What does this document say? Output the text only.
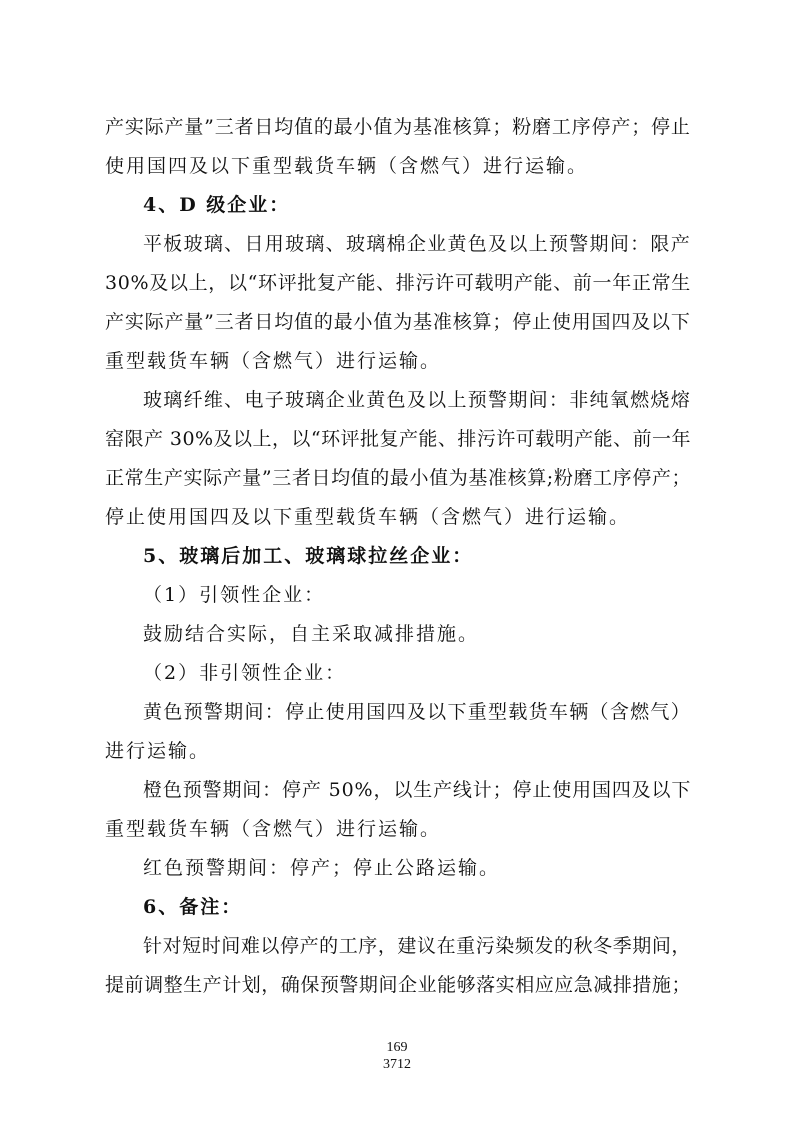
产实际产量”三者日均值的最小值为基准核算；粉磨工序停产；停止
使用国四及以下重型载货车辆（含燃气）进行运输。
4、D 级企业：
平板玻璃、日用玻璃、玻璃棉企业黄色及以上预警期间：限产
30%及以上，以“环评批复产能、排污许可载明产能、前一年正常生
产实际产量”三者日均值的最小值为基准核算；停止使用国四及以下
重型载货车辆（含燃气）进行运输。
玻璃纤维、电子玻璃企业黄色及以上预警期间：非纯氧燃烧熔
窑限产 30%及以上，以“环评批复产能、排污许可载明产能、前一年
正常生产实际产量”三者日均值的最小值为基准核算;粉磨工序停产；
停止使用国四及以下重型载货车辆（含燃气）进行运输。
5、玻璃后加工、玻璃球拉丝企业：
（1）引领性企业：
鼓励结合实际，自主采取减排措施。
（2）非引领性企业：
黄色预警期间：停止使用国四及以下重型载货车辆（含燃气）
进行运输。
橙色预警期间：停产 50%，以生产线计；停止使用国四及以下
重型载货车辆（含燃气）进行运输。
红色预警期间：停产；停止公路运输。
6、备注：
针对短时间难以停产的工序，建议在重污染频发的秋冬季期间，
提前调整生产计划，确保预警期间企业能够落实相应应急减排措施；
169
3712
